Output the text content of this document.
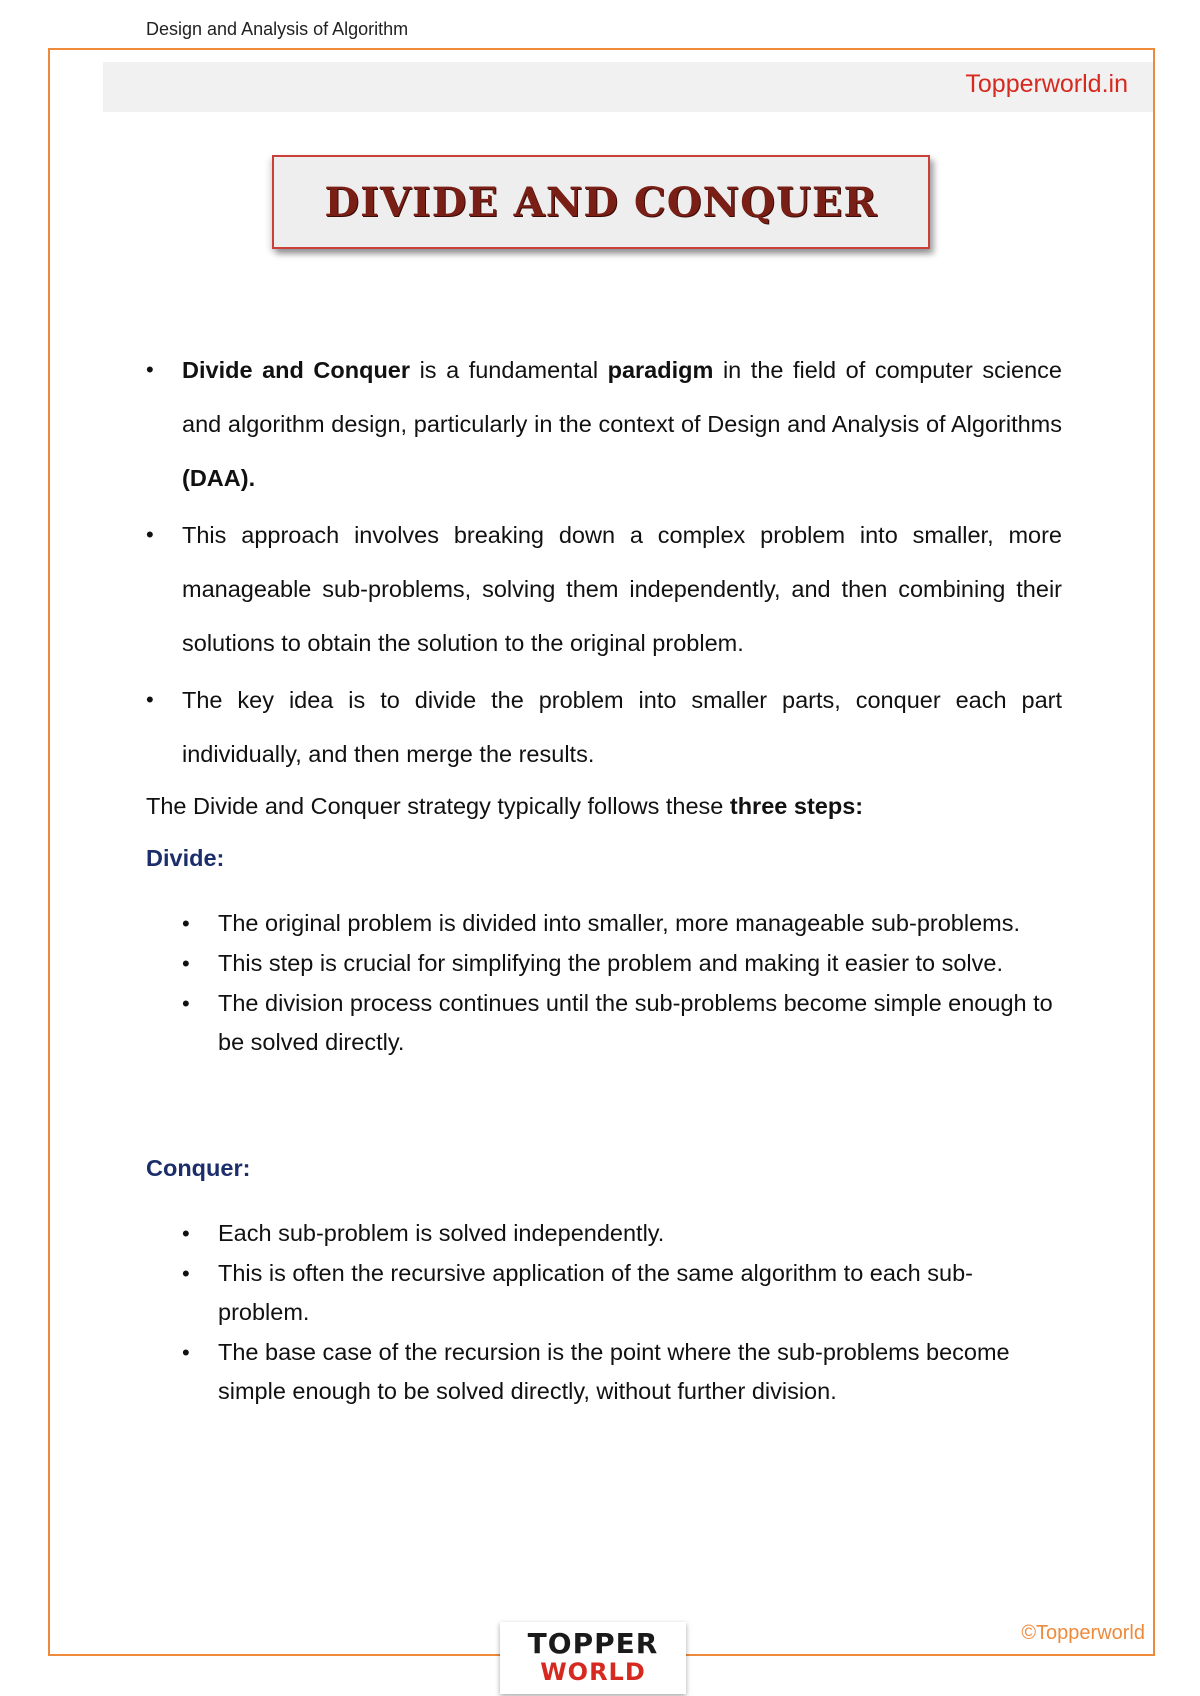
Design and Analysis of Algorithm
Topperworld.in
DIVIDE AND CONQUER
• Divide and Conquer is a fundamental paradigm in the field of computer science and algorithm design, particularly in the context of Design and Analysis of Algorithms (DAA).
• This approach involves breaking down a complex problem into smaller, more manageable sub-problems, solving them independently, and then combining their solutions to obtain the solution to the original problem.
• The key idea is to divide the problem into smaller parts, conquer each part individually, and then merge the results.
The Divide and Conquer strategy typically follows these three steps:
Divide:
• The original problem is divided into smaller, more manageable sub-problems.
• This step is crucial for simplifying the problem and making it easier to solve.
• The division process continues until the sub-problems become simple enough to be solved directly.
Conquer:
• Each sub-problem is solved independently.
• This is often the recursive application of the same algorithm to each sub-problem.
• The base case of the recursion is the point where the sub-problems become simple enough to be solved directly, without further division.
©Topperworld
TOPPER
WORLD
